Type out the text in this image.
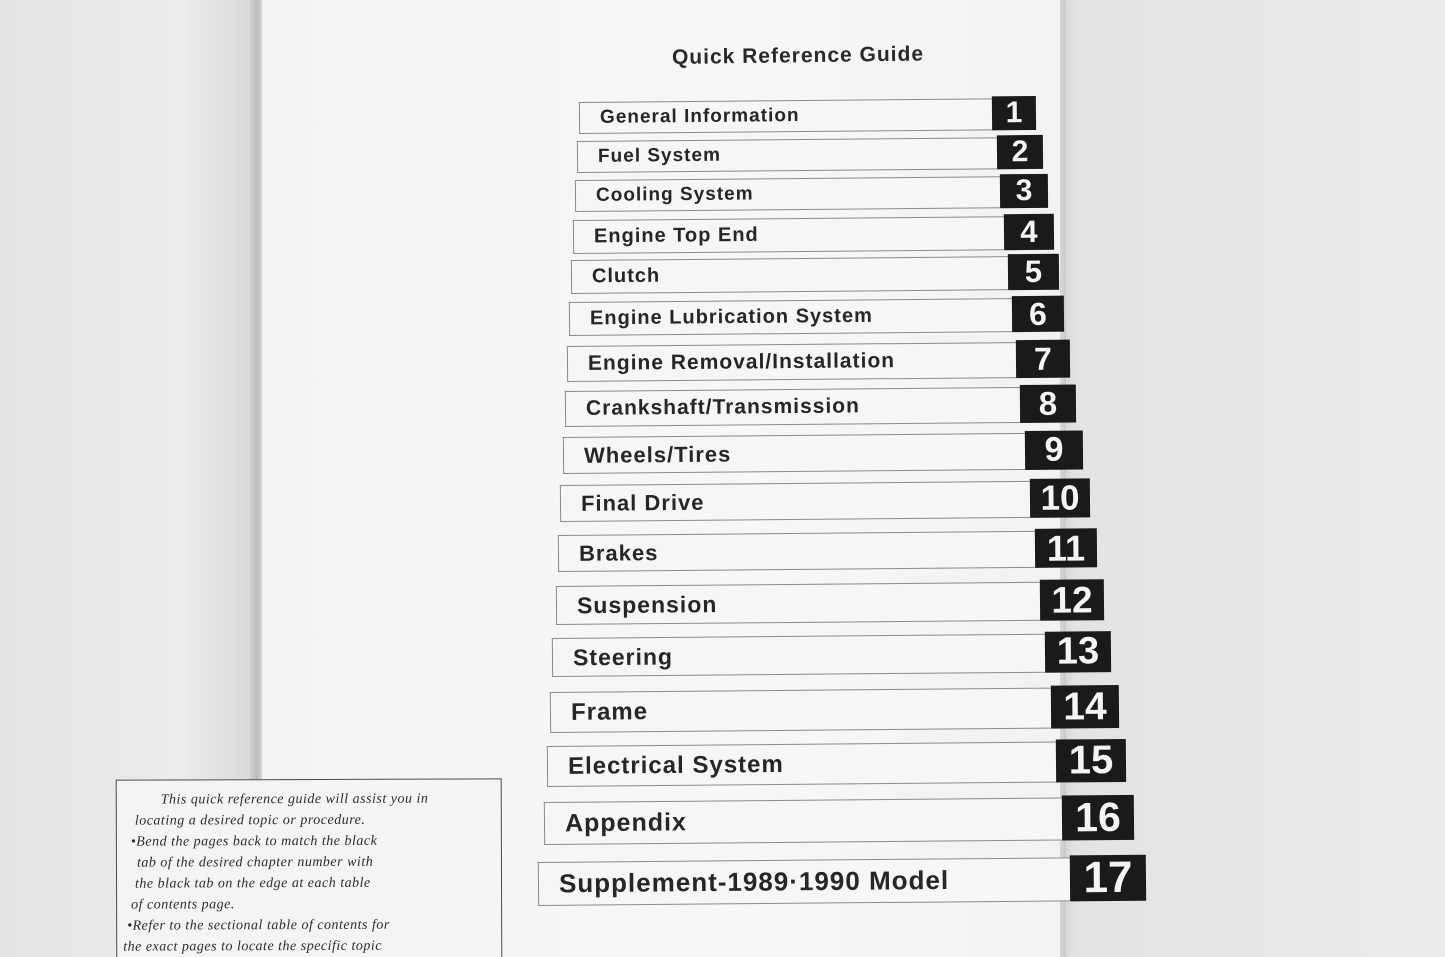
Quick Reference Guide
General Information	1
Fuel System	2
Cooling System	3
Engine Top End	4
Clutch	5
Engine Lubrication System	6
Engine Removal/Installation	7
Crankshaft/Transmission	8
Wheels/Tires	9
Final Drive	10
Brakes	11
Suspension	12
Steering	13
Frame	14
Electrical System	15
Appendix	16
Supplement-1989·1990 Model	17
This quick reference guide will assist you in
locating a desired topic or procedure.
•Bend the pages back to match the black
tab of the desired chapter number with
the black tab on the edge at each table
of contents page.
•Refer to the sectional table of contents for
the exact pages to locate the specific topic
